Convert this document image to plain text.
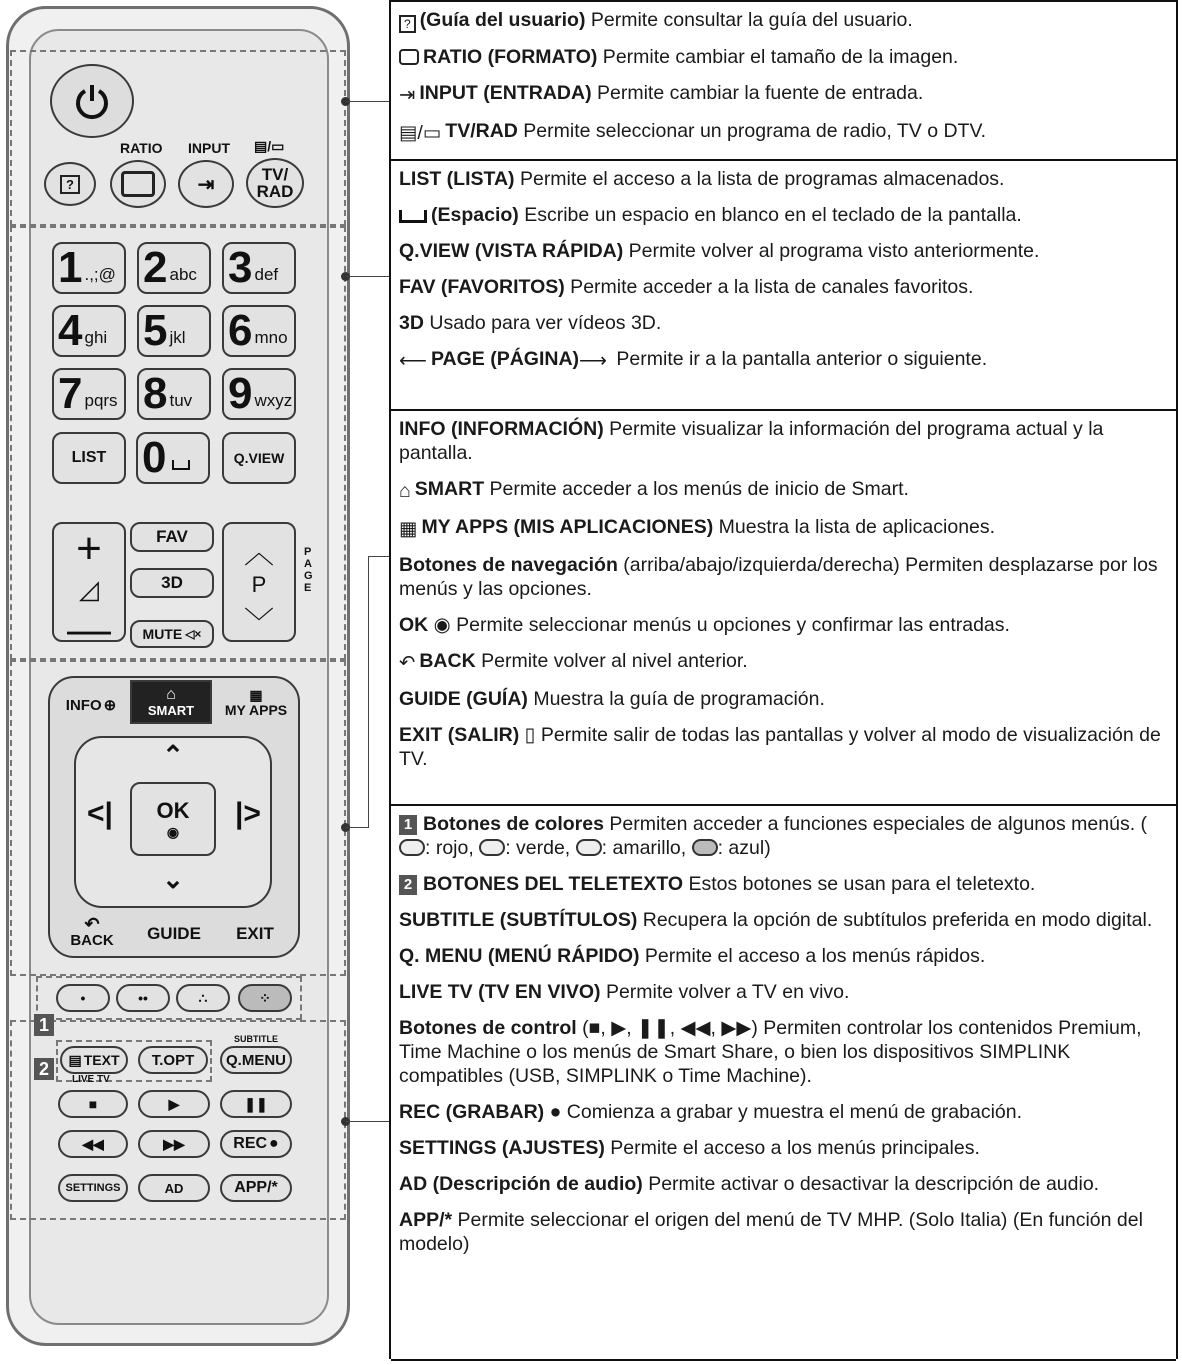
RATIO INPUT ▤/▭
?	⇥	TV/
RAD
1 .,;@ 2 abc 3 def
4 ghi 5 jkl 6 mno
7 pqrs 8 tuv 9 wxyz
LIST 0	Q.VIEW
+
◿
—
FAV
3D
MUTE ◁×
︿
P
﹀
PAGE
INFO ⊕
⌂
SMART
▦
MY APPS
⌃
<|	|>
⌄
OK
◉
↶
BACK GUIDE EXIT
1
•	••	∴	⁘
2
SUBTITLE
▤ TEXT T.OPT Q.MENU
LIVE TV
■	▶	❚❚
◀◀	▶▶	REC ●
SETTINGS	AD	APP/*
? (Guía del usuario) Permite consultar la guía del usuario.
RATIO (FORMATO) Permite cambiar el tamaño de la imagen.
⇥ INPUT (ENTRADA) Permite cambiar la fuente de entrada.
▤/▭ TV/RAD Permite seleccionar un programa de radio, TV o DTV.
LIST (LISTA) Permite el acceso a la lista de programas almacenados.
(Espacio) Escribe un espacio en blanco en el teclado de la pantalla.
Q.VIEW (VISTA RÁPIDA) Permite volver al programa visto anteriormente.
FAV (FAVORITOS) Permite acceder a la lista de canales favoritos.
3D Usado para ver vídeos 3D.
⟵ PAGE (PÁGINA)⟶ Permite ir a la pantalla anterior o siguiente.
INFO (INFORMACIÓN) Permite visualizar la información del programa actual y la pantalla.
⌂ SMART Permite acceder a los menús de inicio de Smart.
▦ MY APPS (MIS APLICACIONES) Muestra la lista de aplicaciones.
Botones de navegación (arriba/abajo/izquierda/derecha) Permiten desplazarse por los menús y las opciones.
OK ◉ Permite seleccionar menús u opciones y confirmar las entradas.
↶ BACK Permite volver al nivel anterior.
GUIDE (GUÍA) Muestra la guía de programación.
EXIT (SALIR) ▯ Permite salir de todas las pantallas y volver al modo de visualización de TV.
1 Botones de colores Permiten acceder a funciones especiales de algunos menús. (: rojo, : verde, : amarillo, : azul)
2 BOTONES DEL TELETEXTO Estos botones se usan para el teletexto.
SUBTITLE (SUBTÍTULOS) Recupera la opción de subtítulos preferida en modo digital.
Q. MENU (MENÚ RÁPIDO) Permite el acceso a los menús rápidos.
LIVE TV (TV EN VIVO) Permite volver a TV en vivo.
Botones de control (■, ▶, ❚❚, ◀◀, ▶▶) Permiten controlar los contenidos Premium, Time Machine o los menús de Smart Share, o bien los dispositivos SIMPLINK compatibles (USB, SIMPLINK o Time Machine).
REC (GRABAR) ● Comienza a grabar y muestra el menú de grabación.
SETTINGS (AJUSTES) Permite el acceso a los menús principales.
AD (Descripción de audio) Permite activar o desactivar la descripción de audio.
APP/* Permite seleccionar el origen del menú de TV MHP. (Solo Italia) (En función del modelo)
